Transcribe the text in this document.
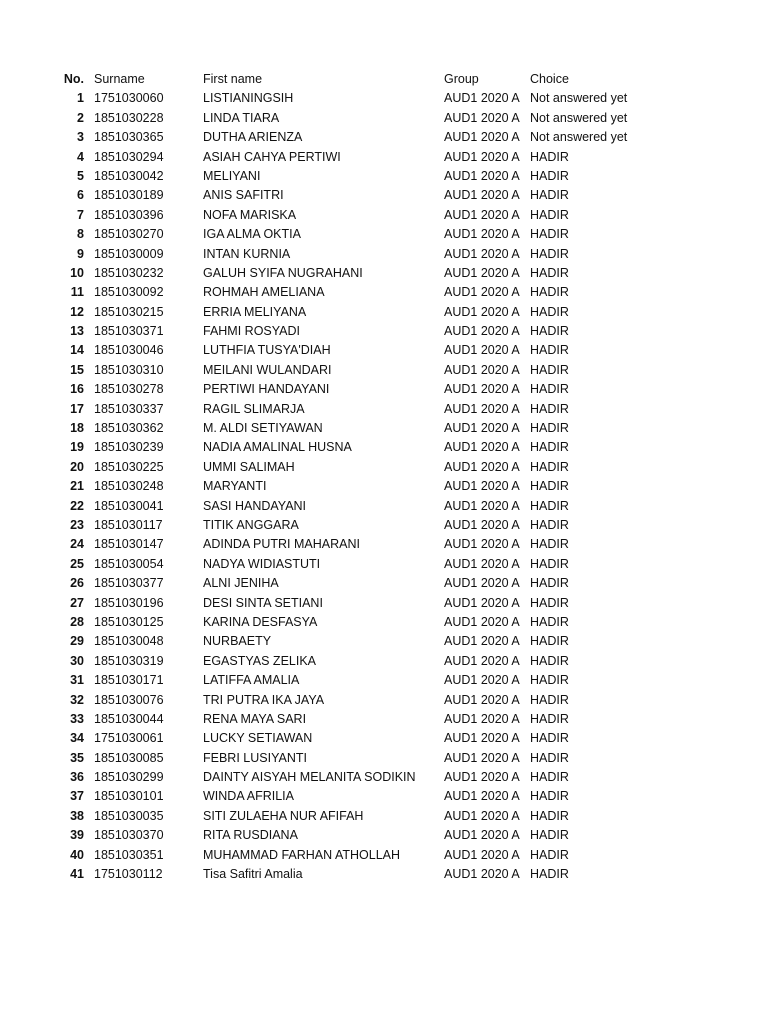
No. Surname	First name	Group	Choice
1 1751030060	LISTIANINGSIH	AUD1 2020 A Not answered yet
2 1851030228	LINDA TIARA	AUD1 2020 A Not answered yet
3 1851030365	DUTHA ARIENZA	AUD1 2020 A Not answered yet
4 1851030294	ASIAH CAHYA PERTIWI	AUD1 2020 A HADIR
5 1851030042	MELIYANI	AUD1 2020 A HADIR
6 1851030189	ANIS SAFITRI	AUD1 2020 A HADIR
7 1851030396	NOFA MARISKA	AUD1 2020 A HADIR
8 1851030270	IGA ALMA OKTIA	AUD1 2020 A HADIR
9 1851030009	INTAN KURNIA	AUD1 2020 A HADIR
10 1851030232	GALUH SYIFA NUGRAHANI	AUD1 2020 A HADIR
11 1851030092	ROHMAH AMELIANA	AUD1 2020 A HADIR
12 1851030215	ERRIA MELIYANA	AUD1 2020 A HADIR
13 1851030371	FAHMI ROSYADI	AUD1 2020 A HADIR
14 1851030046	LUTHFIA TUSYA'DIAH	AUD1 2020 A HADIR
15 1851030310	MEILANI WULANDARI	AUD1 2020 A HADIR
16 1851030278	PERTIWI HANDAYANI	AUD1 2020 A HADIR
17 1851030337	RAGIL SLIMARJA	AUD1 2020 A HADIR
18 1851030362	M. ALDI SETIYAWAN	AUD1 2020 A HADIR
19 1851030239	NADIA AMALINAL HUSNA	AUD1 2020 A HADIR
20 1851030225	UMMI SALIMAH	AUD1 2020 A HADIR
21 1851030248	MARYANTI	AUD1 2020 A HADIR
22 1851030041	SASI HANDAYANI	AUD1 2020 A HADIR
23 1851030117	TITIK ANGGARA	AUD1 2020 A HADIR
24 1851030147	ADINDA PUTRI MAHARANI	AUD1 2020 A HADIR
25 1851030054	NADYA WIDIASTUTI	AUD1 2020 A HADIR
26 1851030377	ALNI JENIHA	AUD1 2020 A HADIR
27 1851030196	DESI SINTA SETIANI	AUD1 2020 A HADIR
28 1851030125	KARINA DESFASYA	AUD1 2020 A HADIR
29 1851030048	NURBAETY	AUD1 2020 A HADIR
30 1851030319	EGASTYAS ZELIKA	AUD1 2020 A HADIR
31 1851030171	LATIFFA AMALIA	AUD1 2020 A HADIR
32 1851030076	TRI PUTRA IKA JAYA	AUD1 2020 A HADIR
33 1851030044	RENA MAYA SARI	AUD1 2020 A HADIR
34 1751030061	LUCKY SETIAWAN	AUD1 2020 A HADIR
35 1851030085	FEBRI LUSIYANTI	AUD1 2020 A HADIR
36 1851030299	DAINTY AISYAH MELANITA SODIKIN AUD1 2020 A HADIR
37 1851030101	WINDA AFRILIA	AUD1 2020 A HADIR
38 1851030035	SITI ZULAEHA NUR AFIFAH	AUD1 2020 A HADIR
39 1851030370	RITA RUSDIANA	AUD1 2020 A HADIR
40 1851030351	MUHAMMAD FARHAN ATHOLLAH	AUD1 2020 A HADIR
41 1751030112	Tisa Safitri Amalia	AUD1 2020 A HADIR
